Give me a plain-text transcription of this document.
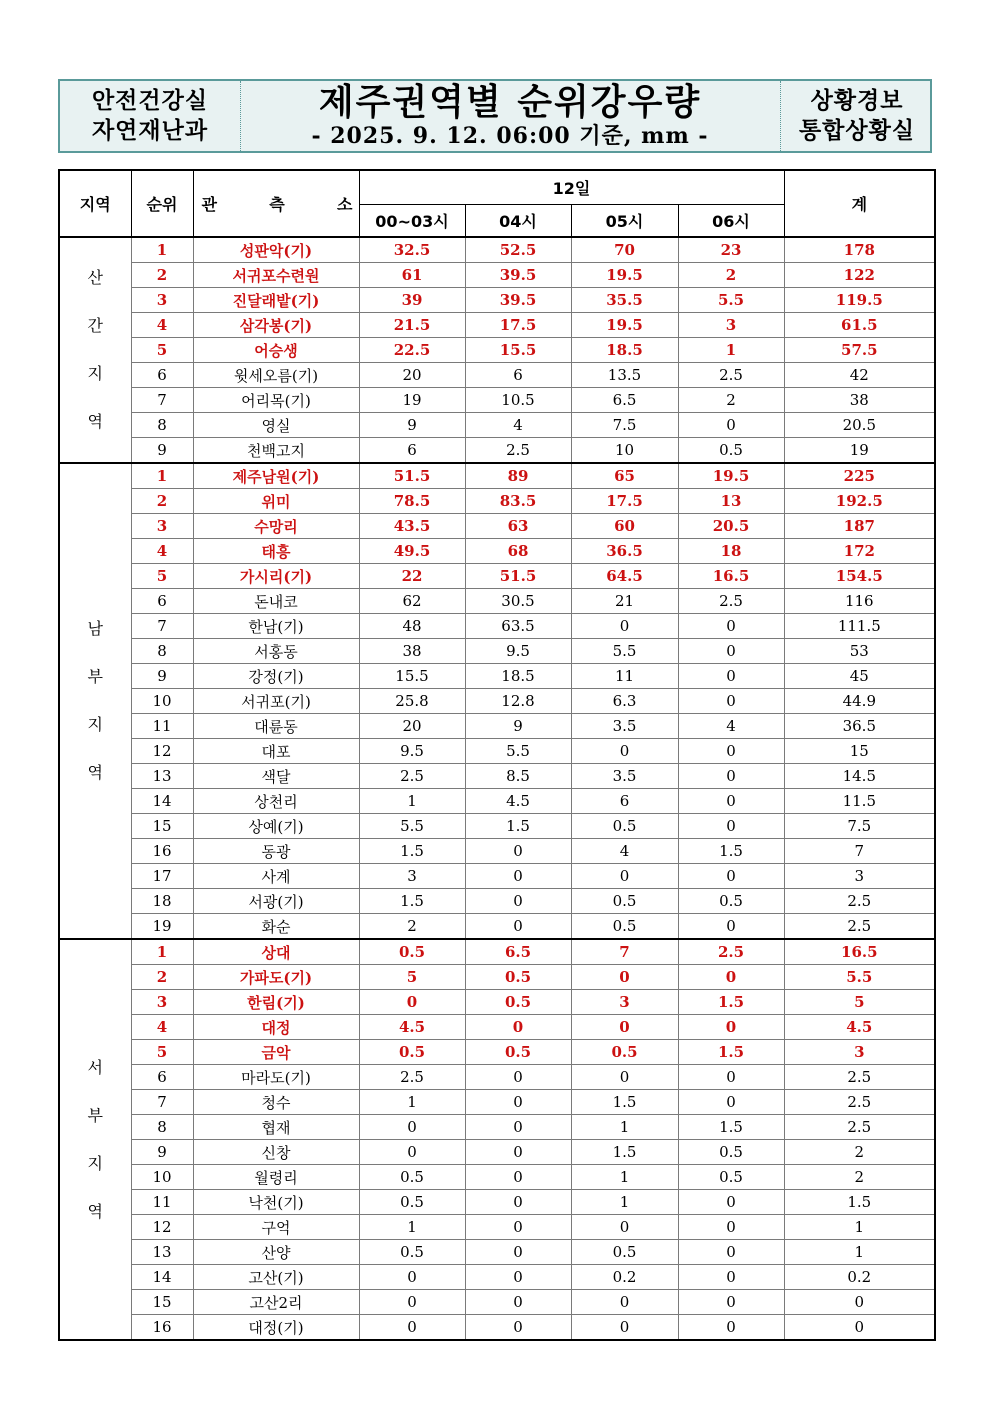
안전건강실
자연재난과
제주권역별 순위강우량
- 2025. 9. 12. 06:00 기준, mm -
상황경보
통합상황실
지역	순위	관 측 소	12일				계
			00~03시	04시	05시	06시	

산
간
지
역	1	성판악(기)	32.5	52.5	70	23	178
	2	서귀포수련원	61	39.5	19.5	2	122
	3	진달래밭(기)	39	39.5	35.5	5.5	119.5
	4	삼각봉(기)	21.5	17.5	19.5	3	61.5
	5	어승생	22.5	15.5	18.5	1	57.5
	6	윗세오름(기)	20	6	13.5	2.5	42
	7	어리목(기)	19	10.5	6.5	2	38
	8	영실	9	4	7.5	0	20.5
	9	천백고지	6	2.5	10	0.5	19

남
부
지
역	1	제주남원(기)	51.5	89	65	19.5	225
	2	위미	78.5	83.5	17.5	13	192.5
	3	수망리	43.5	63	60	20.5	187
	4	태흥	49.5	68	36.5	18	172
	5	가시리(기)	22	51.5	64.5	16.5	154.5
	6	돈내코	62	30.5	21	2.5	116
	7	한남(기)	48	63.5	0	0	111.5
	8	서홍동	38	9.5	5.5	0	53
	9	강정(기)	15.5	18.5	11	0	45
	10	서귀포(기)	25.8	12.8	6.3	0	44.9
	11	대륜동	20	9	3.5	4	36.5
	12	대포	9.5	5.5	0	0	15
	13	색달	2.5	8.5	3.5	0	14.5
	14	상천리	1	4.5	6	0	11.5
	15	상예(기)	5.5	1.5	0.5	0	7.5
	16	동광	1.5	0	4	1.5	7
	17	사계	3	0	0	0	3
	18	서광(기)	1.5	0	0.5	0.5	2.5
	19	화순	2	0	0.5	0	2.5

서
부
지
역	1	상대	0.5	6.5	7	2.5	16.5
	2	가파도(기)	5	0.5	0	0	5.5
	3	한림(기)	0	0.5	3	1.5	5
	4	대정	4.5	0	0	0	4.5
	5	금악	0.5	0.5	0.5	1.5	3
	6	마라도(기)	2.5	0	0	0	2.5
	7	청수	1	0	1.5	0	2.5
	8	협재	0	0	1	1.5	2.5
	9	신창	0	0	1.5	0.5	2
	10	월령리	0.5	0	1	0.5	2
	11	낙천(기)	0.5	0	1	0	1.5
	12	구억	1	0	0	0	1
	13	산양	0.5	0	0.5	0	1
	14	고산(기)	0	0	0.2	0	0.2
	15	고산2리	0	0	0	0	0
	16	대정(기)	0	0	0	0	0
